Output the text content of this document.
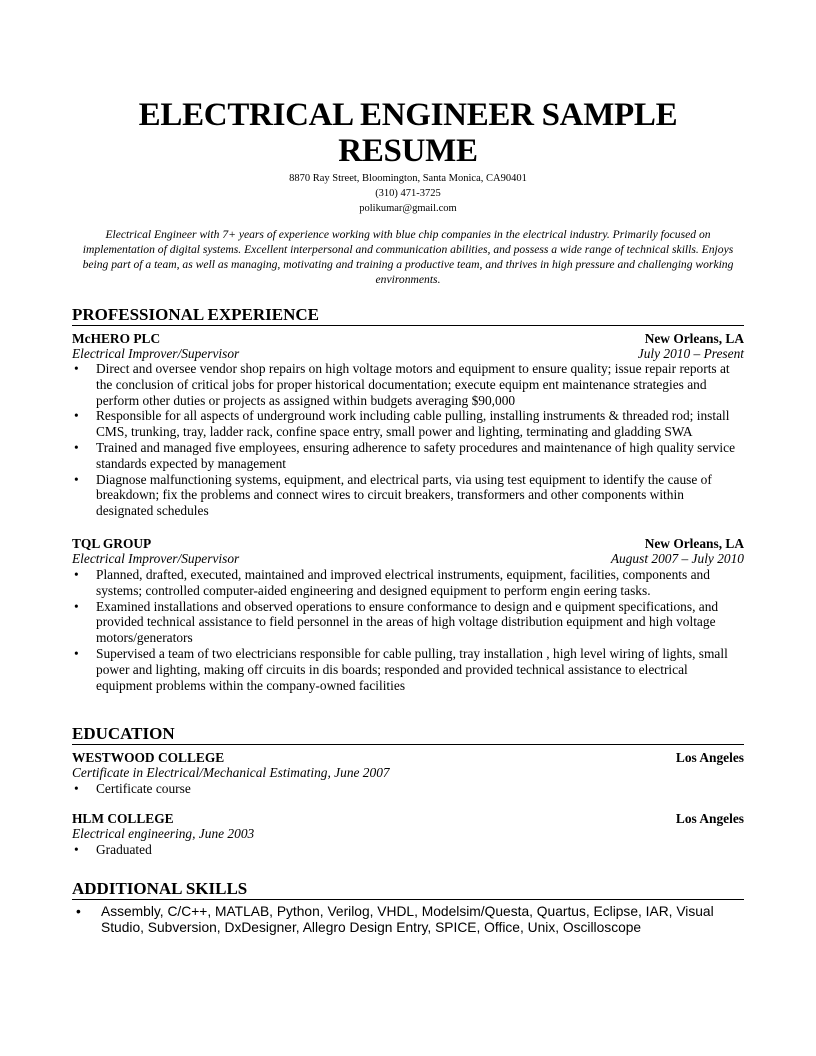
ELECTRICAL ENGINEER SAMPLE
RESUME
8870 Ray Street, Bloomington, Santa Monica, CA90401
(310) 471-3725
polikumar@gmail.com
Electrical Engineer with 7+ years of experience working with blue chip companies in the electrical industry. Primarily focused on implementation of digital systems. Excellent interpersonal and communication abilities, and possess a wide range of technical skills. Enjoys being part of a team, as well as managing, motivating and training a productive team, and thrives in high pressure and challenging working environments.
PROFESSIONAL EXPERIENCE
McHERO PLC	New Orleans, LA
Electrical Improver/Supervisor	July 2010 – Present
• Direct and oversee vendor shop repairs on high voltage motors and equipment to ensure quality; issue repair reports at the conclusion of critical jobs for proper historical documentation; execute equipm ent maintenance strategies and perform other duties or projects as assigned within budgets averaging $90,000
• Responsible for all aspects of underground work including cable pulling, installing instruments & threaded rod; install CMS, trunking, tray, ladder rack, confine space entry, small power and lighting, terminating and gladding SWA
• Trained and managed five employees, ensuring adherence to safety procedures and maintenance of high quality service standards expected by management
• Diagnose malfunctioning systems, equipment, and electrical parts, via using test equipment to identify the cause of breakdown; fix the problems and connect wires to circuit breakers, transformers and other components within designated schedules
TQL GROUP	New Orleans, LA
Electrical Improver/Supervisor	August 2007 – July 2010
• Planned, drafted, executed, maintained and improved electrical instruments, equipment, facilities, components and systems; controlled computer-aided engineering and designed equipment to perform engin eering tasks.
• Examined installations and observed operations to ensure conformance to design and e quipment specifications, and provided technical assistance to field personnel in the areas of high voltage distribution equipment and high voltage motors/generators
• Supervised a team of two electricians responsible for cable pulling, tray installation , high level wiring of lights, small power and lighting, making off circuits in dis boards; responded and provided technical assistance to electrical equipment problems within the company-owned facilities
EDUCATION
WESTWOOD COLLEGE	Los Angeles
Certificate in Electrical/Mechanical Estimating, June 2007
• Certificate course
HLM COLLEGE	Los Angeles
Electrical engineering, June 2003
• Graduated
ADDITIONAL SKILLS
• Assembly, C/C++, MATLAB, Python, Verilog, VHDL, Modelsim/Questa, Quartus, Eclipse, IAR, Visual Studio, Subversion, DxDesigner, Allegro Design Entry, SPICE, Office, Unix, Oscilloscope
